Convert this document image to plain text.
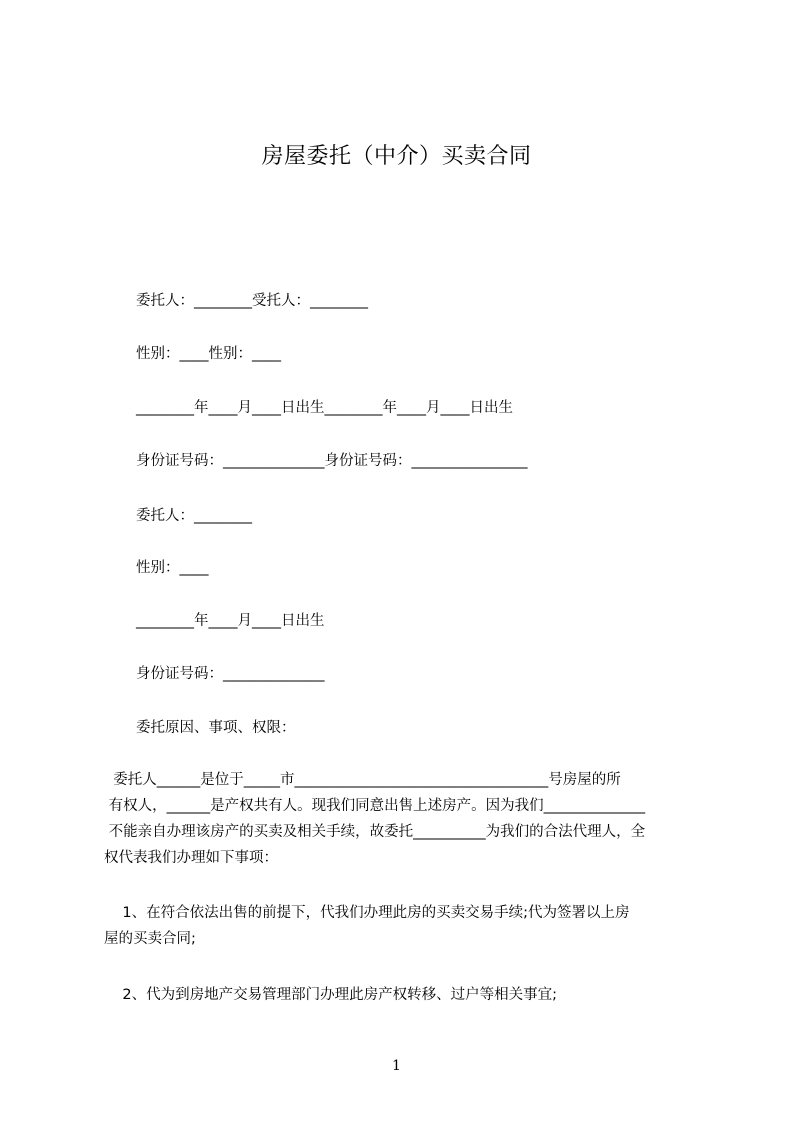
房屋委托（中介）买卖合同
委托人：________受托人：________
性别：____性别：____
________年____月____日出生________年____月____日出生
身份证号码：______________身份证号码：________________
委托人：________
性别：____
________年____月____日出生
身份证号码：______________
委托原因、事项、权限：
委托人______是位于_____市___________________________________号房屋的所
有权人，______是产权共有人。现我们同意出售上述房产。因为我们______________
不能亲自办理该房产的买卖及相关手续，故委托__________为我们的合法代理人，全
权代表我们办理如下事项：
1、在符合依法出售的前提下，代我们办理此房的买卖交易手续;代为签署以上房
屋的买卖合同;
2、代为到房地产交易管理部门办理此房产权转移、过户等相关事宜;
1
